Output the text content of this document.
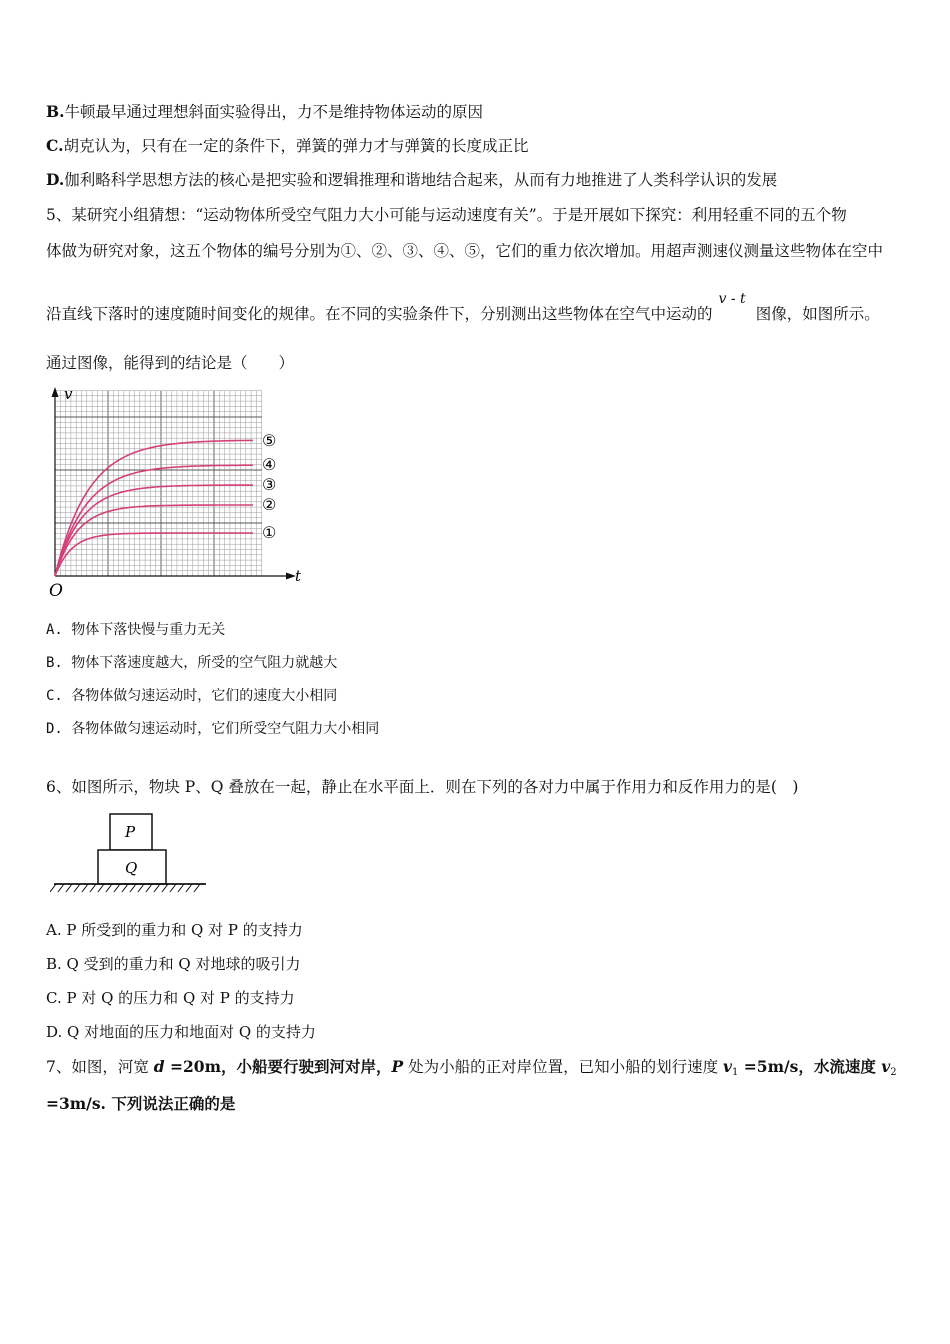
B.牛顿最早通过理想斜面实验得出，力不是维持物体运动的原因
C.胡克认为，只有在一定的条件下，弹簧的弹力才与弹簧的长度成正比
D.伽利略科学思想方法的核心是把实验和逻辑推理和谐地结合起来，从而有力地推进了人类科学认识的发展
5、某研究小组猜想：“运动物体所受空气阻力大小可能与运动速度有关”。于是开展如下探究：利用轻重不同的五个物
体做为研究对象，这五个物体的编号分别为①、②、③、④、⑤，它们的重力依次增加。用超声测速仪测量这些物体在空中
沿直线下落时的速度随时间变化的规律。在不同的实验条件下，分别测出这些物体在空气中运动的v - t图像，如图所示。
通过图像，能得到的结论是（　　）
v
t
O
⑤
④
③
②
①
A. 物体下落快慢与重力无关
B. 物体下落速度越大，所受的空气阻力就越大
C. 各物体做匀速运动时，它们的速度大小相同
D. 各物体做匀速运动时，它们所受空气阻力大小相同
6、如图所示，物块 P、Q 叠放在一起，静止在水平面上．则在下列的各对力中属于作用力和反作用力的是(　)
P
Q
A. P 所受到的重力和 Q 对 P 的支持力
B. Q 受到的重力和 Q 对地球的吸引力
C. P 对 Q 的压力和 Q 对 P 的支持力
D. Q 对地面的压力和地面对 Q 的支持力
7、如图，河宽 d =20m，小船要行驶到河对岸，P 处为小船的正对岸位置，已知小船的划行速度 $v_1 =5m/s$，水流速度 $v_2$
=3m/s. 下列说法正确的是
